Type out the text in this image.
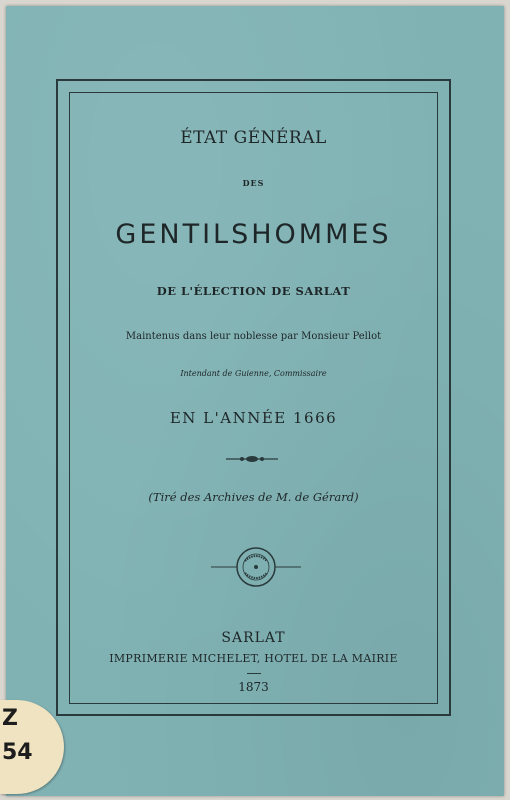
ÉTAT GÉNÉRAL
DES
GENTILSHOMMES
DE L'ÉLECTION DE SARLAT
Maintenus dans leur noblesse par Monsieur Pellot
Intendant de Guienne, Commissaire
EN L'ANNÉE 1666
(Tiré des Archives de M. de Gérard)
SARLAT
IMPRIMERIE MICHELET, HOTEL DE LA MAIRIE
1873
Z
54
